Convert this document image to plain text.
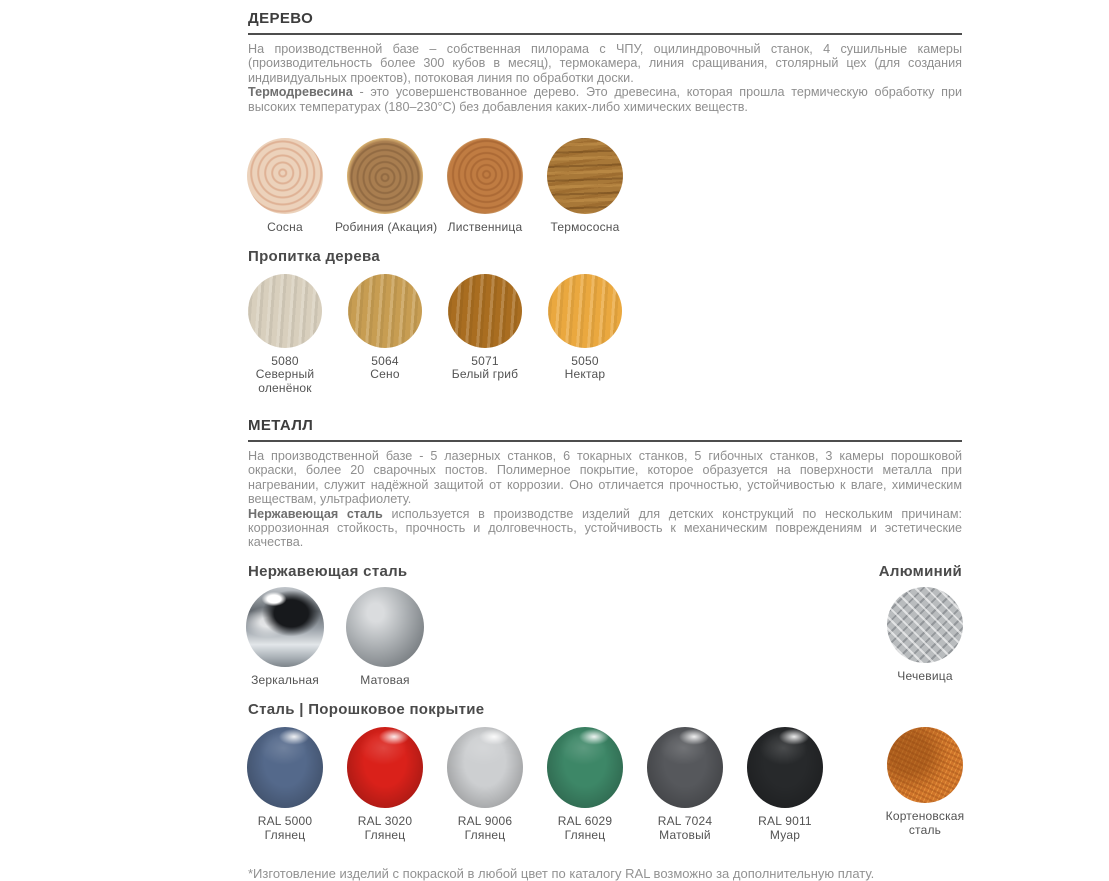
ДЕРЕВО

На производственной базе – собственная пилорама с ЧПУ, оцилиндровочный станок, 4 сушильные камеры (производительность более 300 кубов в месяц), термокамера, линия сращивания, столярный цех (для создания индивидуальных проектов), потоковая линия по обработки доски.

Термодревесина - это усовершенствованное дерево. Это древесина, которая прошла термическую обработку при высоких температурах (180–230°С) без добавления каких-либо химических веществ.

Сосна	Робиния (Акация) Лиственница	Термососна
Пропитка дерева
5080
Северный оленёнок
5064
Сено
5071
Белый гриб
5050
Нектар
МЕТАЛЛ

На производственной базе - 5 лазерных станков, 6 токарных станков, 5 гибочных станков, 3 камеры порошковой окраски, более 20 сварочных постов. Полимерное покрытие, которое образуется на поверхности металла при нагревании, служит надёжной защитой от коррозии. Оно отличается прочностью, устойчивостью к влаге, химическим веществам, ультрафиолету.

Нержавеющая сталь используется в производстве изделий для детских конструкций по нескольким причинам: коррозионная стойкость, прочность и долговечность, устойчивость к механическим повреждениям и эстетические качества.

Нержавеющая сталь	Алюминий
Зеркальная	Матовая	Чечевица
Сталь | Порошковое покрытие
RAL 5000
Глянец
RAL 3020
Глянец
RAL 9006
Глянец
RAL 6029
Глянец
RAL 7024
Матовый
RAL 9011
Муар
Кортеновская сталь

*Изготовление изделий с покраской в любой цвет по каталогу RAL возможно за дополнительную плату.
